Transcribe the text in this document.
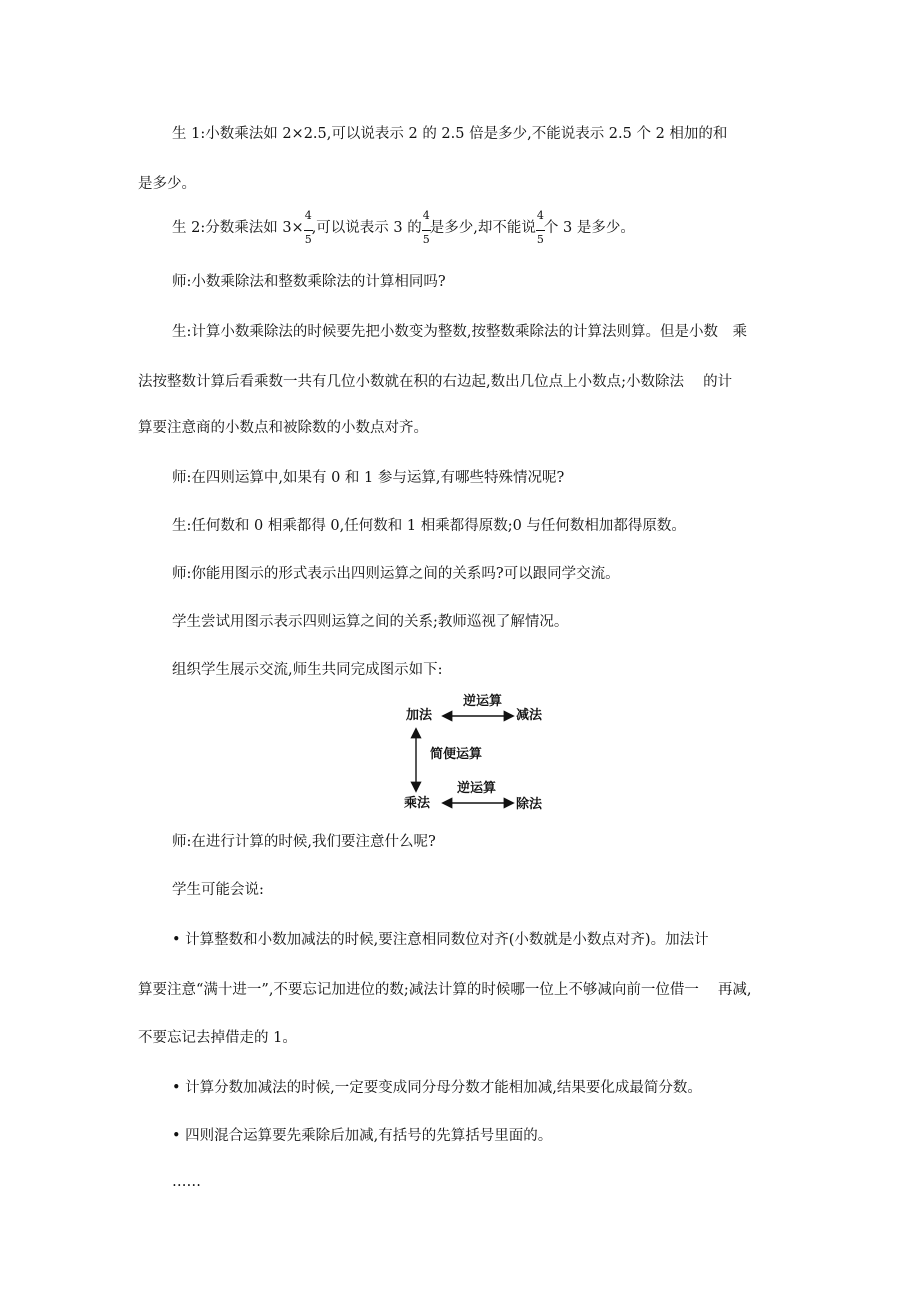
生 1:小数乘法如 2×2.5,可以说表示 2 的 2.5 倍是多少,不能说表示 2.5 个 2 相加的和
是多少。
生 2:分数乘法如 $3\times \frac{4}{5}$ ,可以说表示 3 的 $\frac{4}{5}$ 是多少,却不能说 $\frac{4}{5}$ 个 3 是多少。
师:小数乘除法和整数乘除法的计算相同吗?
生:计算小数乘除法的时候要先把小数变为整数,按整数乘除法的计算法则算。但是小数　乘
法按整数计算后看乘数一共有几位小数就在积的右边起,数出几位点上小数点;小数除法　 的计
算要注意商的小数点和被除数的小数点对齐。
师:在四则运算中,如果有 0 和 1 参与运算,有哪些特殊情况呢?
生:任何数和 0 相乘都得 0,任何数和 1 相乘都得原数;0 与任何数相加都得原数。
师:你能用图示的形式表示出四则运算之间的关系吗?可以跟同学交流。
学生尝试用图示表示四则运算之间的关系;教师巡视了解情况。
组织学生展示交流,师生共同完成图示如下:
逆运算
加法	减法
简便运算
逆运算
乘法	除法
师:在进行计算的时候,我们要注意什么呢?
学生可能会说:
• 计算整数和小数加减法的时候,要注意相同数位对齐(小数就是小数点对齐)。加法计
算要注意“满十进一”,不要忘记加进位的数;减法计算的时候哪一位上不够减向前一位借一　 再减,
不要忘记去掉借走的 1。
• 计算分数加减法的时候,一定要变成同分母分数才能相加减,结果要化成最简分数。
• 四则混合运算要先乘除后加减,有括号的先算括号里面的。
……
